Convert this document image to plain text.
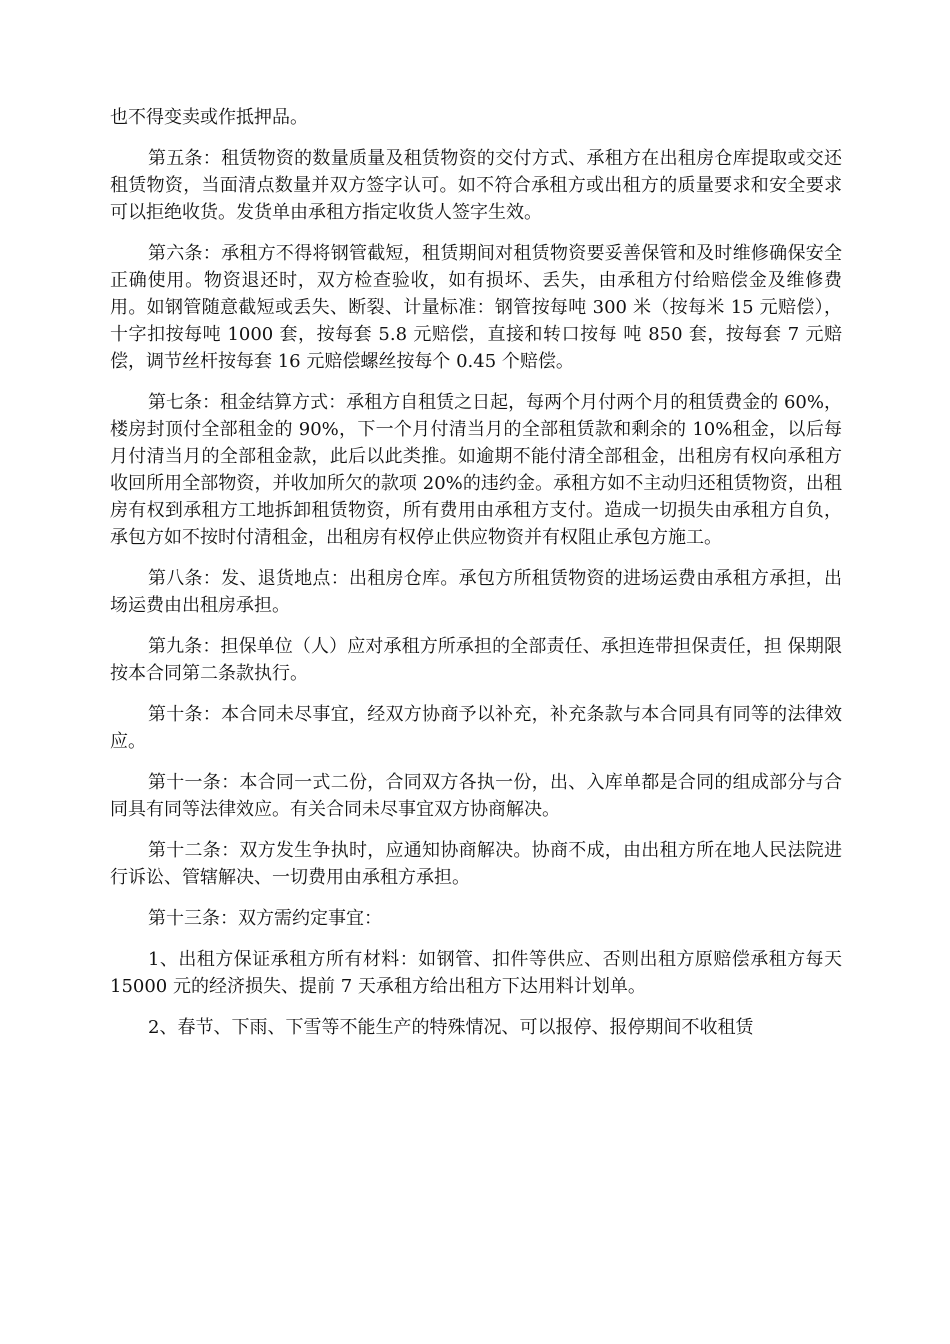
也不得变卖或作抵押品。

第五条：租赁物资的数量质量及租赁物资的交付方式、承租方在出租房仓库提取或交还租赁物资，当面清点数量并双方签字认可。如不符合承租方或出租方的质量要求和安全要求可以拒绝收货。发货单由承租方指定收货人签字生效。

第六条：承租方不得将钢管截短，租赁期间对租赁物资要妥善保管和及时维修确保安全正确使用。物资退还时，双方检查验收，如有损坏、丢失，由承租方付给赔偿金及维修费用。如钢管随意截短或丢失、断裂、计量标准：钢管按每吨 300 米（按每米 15 元赔偿），十字扣按每吨 1000 套，按每套 5.8 元赔偿，直接和转口按每 吨 850 套，按每套 7 元赔偿，调节丝杆按每套 16 元赔偿螺丝按每个 0.45 个赔偿。

第七条：租金结算方式：承租方自租赁之日起，每两个月付两个月的租赁费金的 60%，楼房封顶付全部租金的 90%，下一个月付清当月的全部租赁款和剩余的 10%租金，以后每月付清当月的全部租金款，此后以此类推。如逾期不能付清全部租金，出租房有权向承租方收回所用全部物资，并收加所欠的款项 20%的违约金。承租方如不主动归还租赁物资，出租房有权到承租方工地拆卸租赁物资，所有费用由承租方支付。造成一切损失由承租方自负，承包方如不按时付清租金，出租房有权停止供应物资并有权阻止承包方施工。

第八条：发、退货地点：出租房仓库。承包方所租赁物资的进场运费由承租方承担，出场运费由出租房承担。

第九条：担保单位（人）应对承租方所承担的全部责任、承担连带担保责任，担 保期限按本合同第二条款执行。

第十条：本合同未尽事宜，经双方协商予以补充，补充条款与本合同具有同等的法律效应。

第十一条：本合同一式二份，合同双方各执一份，出、入库单都是合同的组成部分与合同具有同等法律效应。有关合同未尽事宜双方协商解决。

第十二条：双方发生争执时，应通知协商解决。协商不成，由出租方所在地人民法院进行诉讼、管辖解决、一切费用由承租方承担。

第十三条：双方需约定事宜：

1、出租方保证承租方所有材料：如钢管、扣件等供应、否则出租方原赔偿承租方每天 15000 元的经济损失、提前 7 天承租方给出租方下达用料计划单。

2、春节、下雨、下雪等不能生产的特殊情况、可以报停、报停期间不收租赁
